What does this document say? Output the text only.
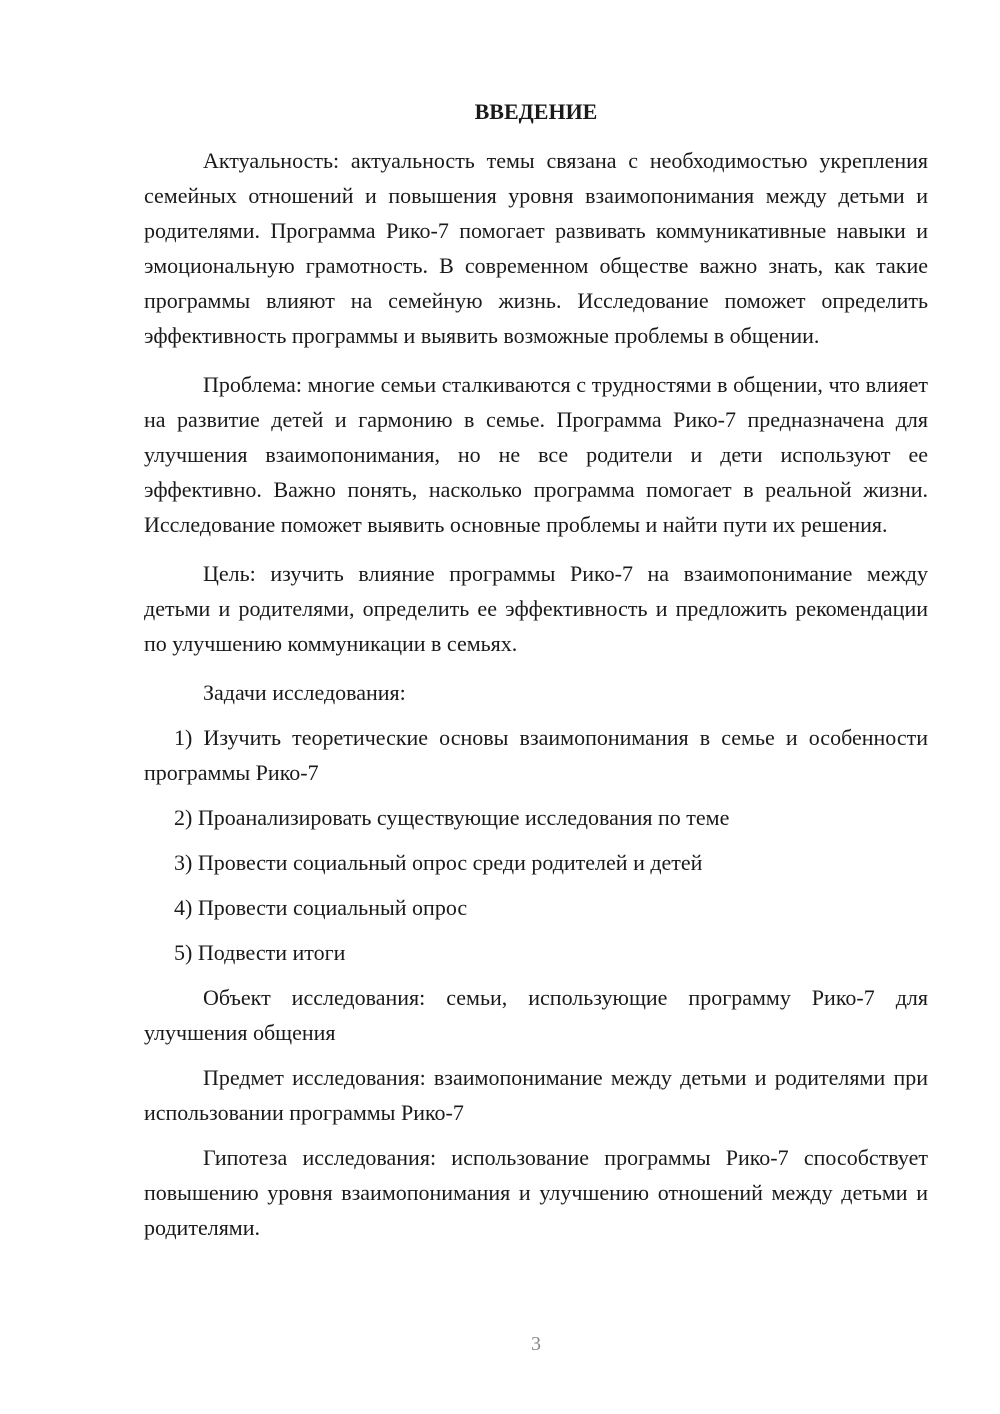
ВВЕДЕНИЕ

Актуальность: актуальность темы связана с необходимостью укрепления семейных отношений и повышения уровня взаимопонимания между детьми и родителями. Программа Рико-7 помогает развивать коммуникативные навыки и эмоциональную грамотность. В современном обществе важно знать, как такие программы влияют на семейную жизнь. Исследование поможет определить эффективность программы и выявить возможные проблемы в общении.

Проблема: многие семьи сталкиваются с трудностями в общении, что влияет на развитие детей и гармонию в семье. Программа Рико-7 предназначена для улучшения взаимопонимания, но не все родители и дети используют ее эффективно. Важно понять, насколько программа помогает в реальной жизни. Исследование поможет выявить основные проблемы и найти пути их решения.

Цель: изучить влияние программы Рико-7 на взаимопонимание между детьми и родителями, определить ее эффективность и предложить рекомендации по улучшению коммуникации в семьях.

Задачи исследования:

1) Изучить теоретические основы взаимопонимания в семье и особенности программы Рико-7

2) Проанализировать существующие исследования по теме

3) Провести социальный опрос среди родителей и детей

4) Провести социальный опрос

5) Подвести итоги

Объект исследования: семьи, использующие программу Рико-7 для улучшения общения

Предмет исследования: взаимопонимание между детьми и родителями при использовании программы Рико-7

Гипотеза исследования: использование программы Рико-7 способствует повышению уровня взаимопонимания и улучшению отношений между детьми и родителями.

3
